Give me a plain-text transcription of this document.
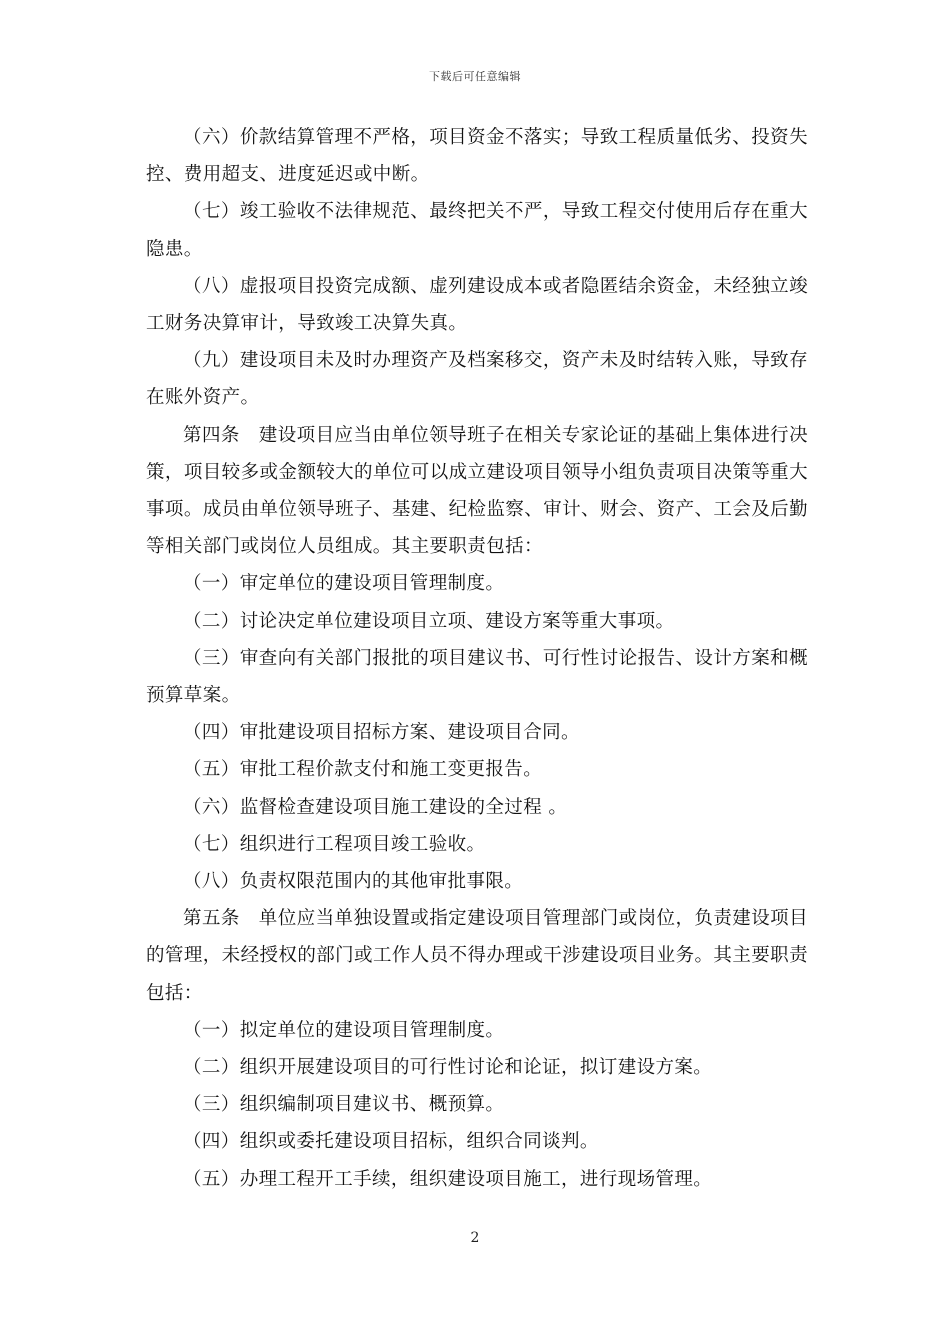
下载后可任意编辑

（六）价款结算管理不严格，项目资金不落实；导致工程质量低劣、投资失控、费用超支、进度延迟或中断。

（七）竣工验收不法律规范、最终把关不严，导致工程交付使用后存在重大隐患。

（八）虚报项目投资完成额、虚列建设成本或者隐匿结余资金，未经独立竣工财务决算审计，导致竣工决算失真。

（九）建设项目未及时办理资产及档案移交，资产未及时结转入账，导致存在账外资产。

第四条　建设项目应当由单位领导班子在相关专家论证的基础上集体进行决策，项目较多或金额较大的单位可以成立建设项目领导小组负责项目决策等重大事项。成员由单位领导班子、基建、纪检监察、审计、财会、资产、工会及后勤等相关部门或岗位人员组成。其主要职责包括：

（一）审定单位的建设项目管理制度。

（二）讨论决定单位建设项目立项、建设方案等重大事项。

（三）审查向有关部门报批的项目建议书、可行性讨论报告、设计方案和概预算草案。

（四）审批建设项目招标方案、建设项目合同。

（五）审批工程价款支付和施工变更报告。

（六）监督检查建设项目施工建设的全过程 。

（七）组织进行工程项目竣工验收。

（八）负责权限范围内的其他审批事限。

第五条　单位应当单独设置或指定建设项目管理部门或岗位，负责建设项目的管理，未经授权的部门或工作人员不得办理或干涉建设项目业务。其主要职责包括：

（一）拟定单位的建设项目管理制度。

（二）组织开展建设项目的可行性讨论和论证，拟订建设方案。

（三）组织编制项目建议书、概预算。

（四）组织或委托建设项目招标，组织合同谈判。

（五）办理工程开工手续，组织建设项目施工，进行现场管理。

2
